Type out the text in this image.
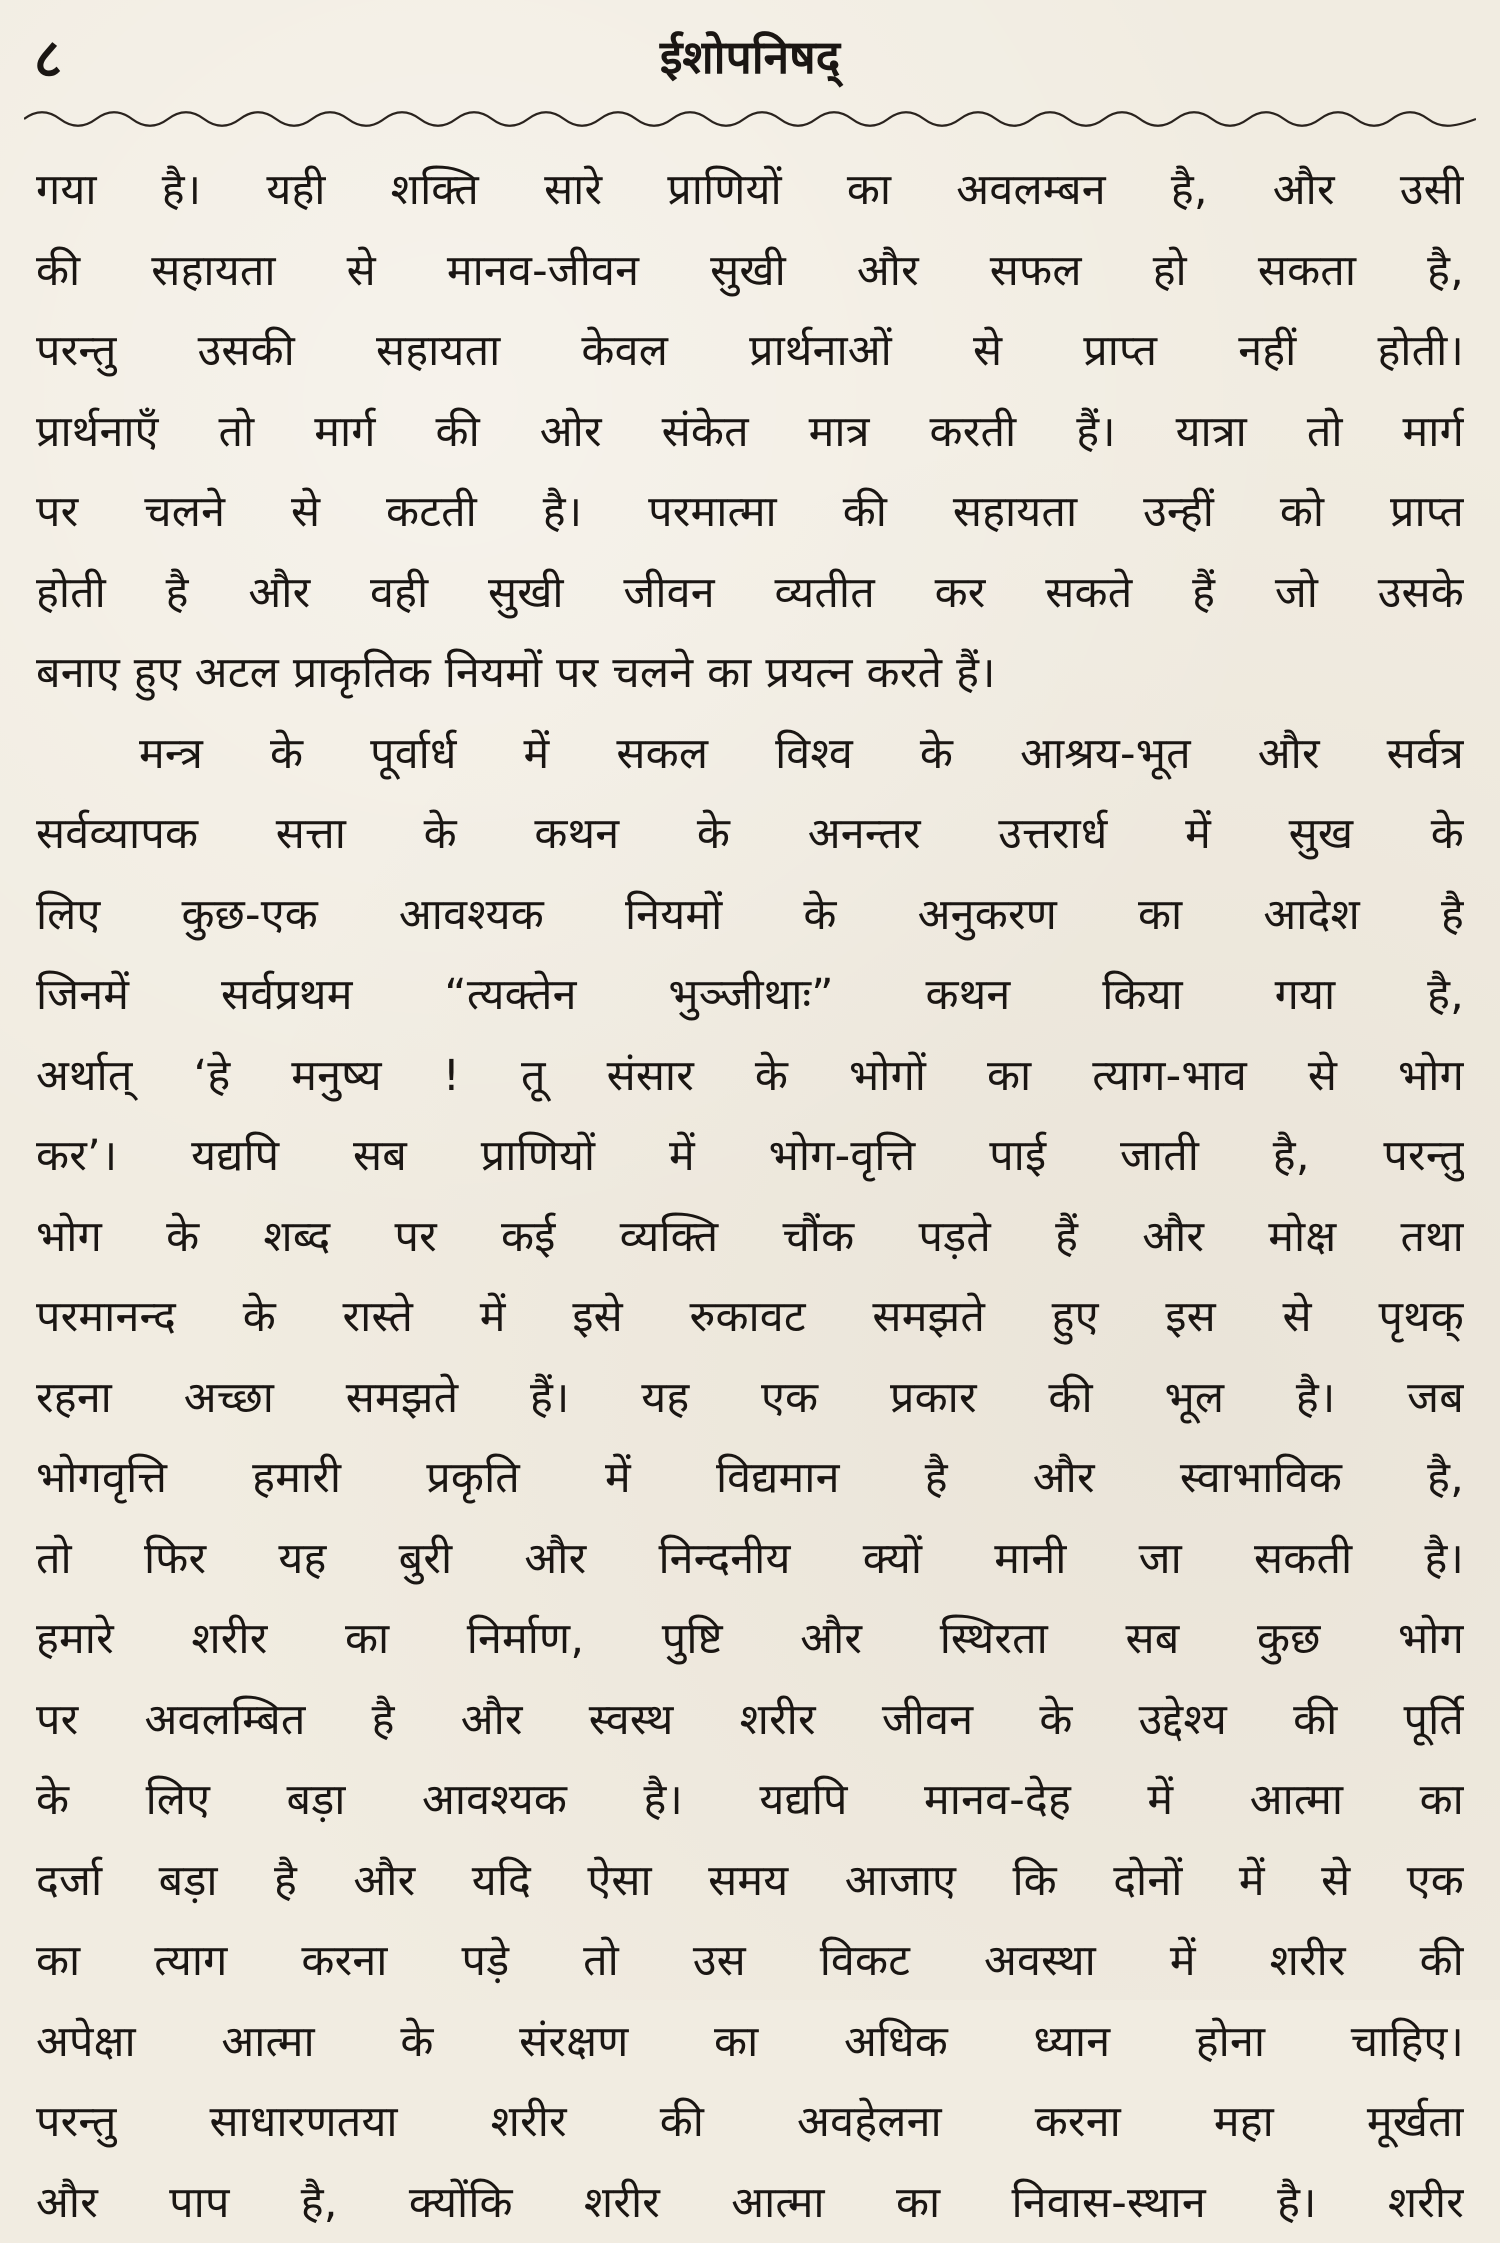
८	ईशोपनिषद्
गया है। यही शक्ति सारे प्राणियों का अवलम्बन है, और उसी
की सहायता से मानव-जीवन सुखी और सफल हो सकता है,
परन्तु उसकी सहायता केवल प्रार्थनाओं से प्राप्त नहीं होती।
प्रार्थनाएँ तो मार्ग की ओर संकेत मात्र करती हैं। यात्रा तो मार्ग
पर चलने से कटती है। परमात्मा की सहायता उन्हीं को प्राप्त
होती है और वही सुखी जीवन व्यतीत कर सकते हैं जो उसके
बनाए हुए अटल प्राकृतिक नियमों पर चलने का प्रयत्न करते हैं।
मन्त्र के पूर्वार्ध में सकल विश्व के आश्रय-भूत और सर्वत्र
सर्वव्यापक सत्ता के कथन के अनन्तर उत्तरार्ध में सुख के
लिए कुछ-एक आवश्यक नियमों के अनुकरण का आदेश है
जिनमें सर्वप्रथम “त्यक्तेन भुञ्जीथाः” कथन किया गया है,
अर्थात् ‘हे मनुष्य ! तू संसार के भोगों का त्याग-भाव से भोग
कर’। यद्यपि सब प्राणियों में भोग-वृत्ति पाई जाती है, परन्तु
भोग के शब्द पर कई व्यक्ति चौंक पड़ते हैं और मोक्ष तथा
परमानन्द के रास्ते में इसे रुकावट समझते हुए इस से पृथक्
रहना अच्छा समझते हैं। यह एक प्रकार की भूल है। जब
भोगवृत्ति हमारी प्रकृति में विद्यमान है और स्वाभाविक है,
तो फिर यह बुरी और निन्दनीय क्यों मानी जा सकती है।
हमारे शरीर का निर्माण, पुष्टि और स्थिरता सब कुछ भोग
पर अवलम्बित है और स्वस्थ शरीर जीवन के उद्देश्य की पूर्ति
के लिए बड़ा आवश्यक है। यद्यपि मानव-देह में आत्मा का
दर्जा बड़ा है और यदि ऐसा समय आजाए कि दोनों में से एक
का त्याग करना पड़े तो उस विकट अवस्था में शरीर की
अपेक्षा आत्मा के संरक्षण का अधिक ध्यान होना चाहिए।
परन्तु साधारणतया शरीर की अवहेलना करना महा मूर्खता
और पाप है, क्योंकि शरीर आत्मा का निवास-स्थान है। शरीर
